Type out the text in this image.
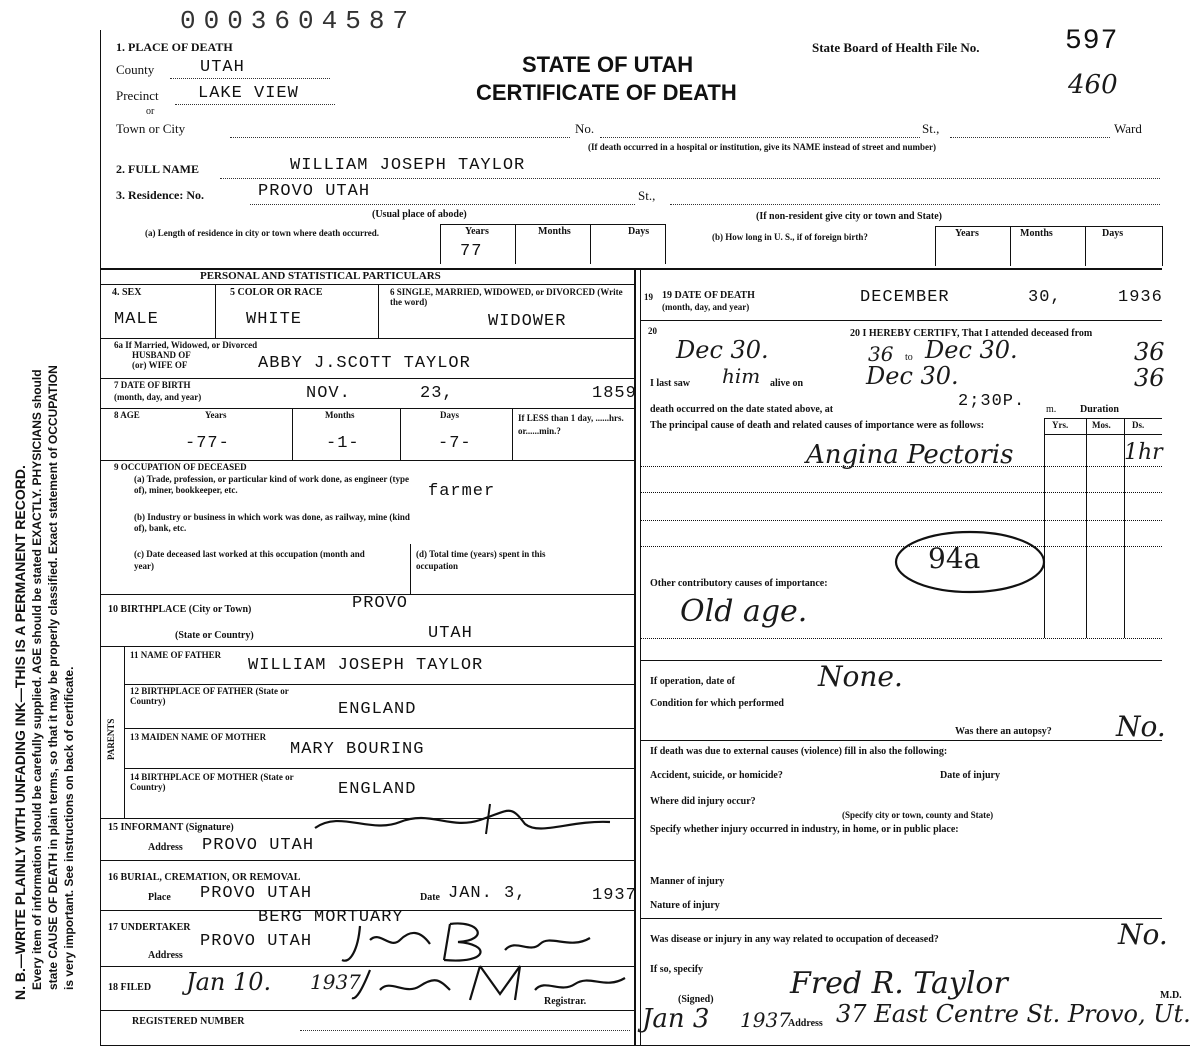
0003604587
N. B.—WRITE PLAINLY WITH UNFADING INK—THIS IS A PERMANENT RECORD. Every item of information should be carefully supplied. AGE should be stated EXACTLY. PHYSICIANS should state CAUSE OF DEATH in plain terms, so that it may be properly classified. Exact statement of OCCUPATION is very important. See instructions on back of certificate.
1. PLACE OF DEATH
County	UTAH
Precinct LAKE VIEW
or
Town or City	No.	St.,	Ward
(If death occurred in a hospital or institution, give its NAME instead of street and number)
STATE OF UTAH
CERTIFICATE OF DEATH
State Board of Health File No.	597
460
2. FULL NAME	WILLIAM JOSEPH TAYLOR
3. Residence: No.	PROVO UTAH	St.,
(Usual place of abode)	(If non-resident give city or town and State)
(a) Length of residence in city or town where death occurred.	Years	Months	Days
77
(b) How long in U. S., if of foreign birth?	Years	Months	Days
PERSONAL AND STATISTICAL PARTICULARS
4. SEX
MALE
5 COLOR OR RACE
WHITE
6 SINGLE, MARRIED, WIDOWED, or DIVORCED (Write the word)
WIDOWER
6a If Married, Widowed, or Divorced
HUSBAND OF
(or) WIFE OF	ABBY J.SCOTT TAYLOR
7 DATE OF BIRTH
(month, day, and year)	NOV.	23,	1859
8 AGE	Years	Months	Days
-77-	-1-	-7-
If LESS than 1 day, ......hrs. or......min.?
9 OCCUPATION OF DECEASED
(a) Trade, profession, or particular kind of work done, as engineer (type of), miner, bookkeeper, etc.	farmer
(b) Industry or business in which work was done, as railway, mine (kind of), bank, etc.
(c) Date deceased last worked at this occupation (month and year)
(d) Total time (years) spent in this occupation
10 BIRTHPLACE (City or Town)	PROVO
(State or Country)	UTAH
PARENTS
11 NAME OF FATHER
WILLIAM JOSEPH TAYLOR
12 BIRTHPLACE OF FATHER (State or Country)	ENGLAND
13 MAIDEN NAME OF MOTHER
MARY BOURING
14 BIRTHPLACE OF MOTHER (State or Country)	ENGLAND
15 INFORMANT (Signature)
Address PROVO UTAH
16 BURIAL, CREMATION, OR REMOVAL
Place PROVO UTAH	Date JAN. 3,	1937
BERG MORTUARY
17 UNDERTAKER
PROVO UTAH
Address
18 FILED Jan 10. 1937
Registrar.
REGISTERED NUMBER
19 19 DATE OF DEATH
(month, day, and year)	DECEMBER	30,	1936
20	20 I HEREBY CERTIFY, That I attended deceased from
Dec 30.	36 to Dec 30.	36
I last saw him alive on	Dec 30.	36
death occurred on the date stated above, at	2;30P. m. Duration
The principal cause of death and related causes of importance were as follows:	Yrs.	Mos. Ds.
Angina Pectoris	1hr
94a
Other contributory causes of importance:
Old age.
If operation, date of	None.
Condition for which performed
Was there an autopsy? No.
If death was due to external causes (violence) fill in also the following:
Accident, suicide, or homicide?	Date of injury
Where did injury occur?
(Specify city or town, county and State)
Specify whether injury occurred in industry, in home, or in public place:
Manner of injury
Nature of injury
Was disease or injury in any way related to occupation of deceased?	No.
If so, specify
(Signed)	Fred R. Taylor	M.D.
Jan 3 1937
Address 37 East Centre St. Provo, Ut.
